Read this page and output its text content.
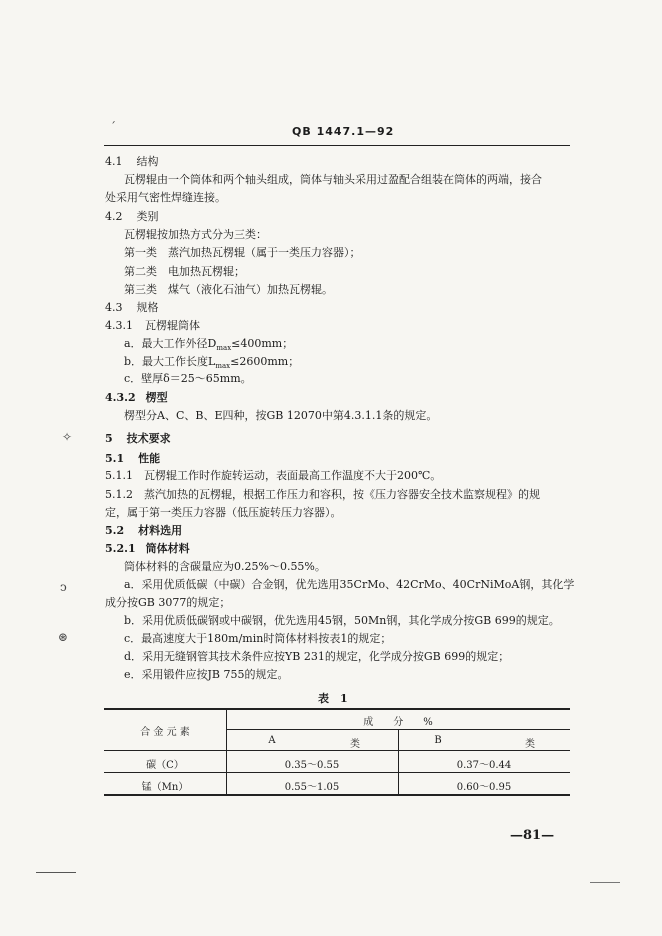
ˊ	QB 1447.1—92
4.1 结构
瓦楞辊由一个筒体和两个轴头组成，筒体与轴头采用过盈配合组装在筒体的两端，接合
处采用气密性焊缝连接。
4.2 类别
瓦楞辊按加热方式分为三类：
第一类　蒸汽加热瓦楞辊（属于一类压力容器）；
第二类　电加热瓦楞辊；
第三类　煤气（液化石油气）加热瓦楞辊。
4.3 规格
4.3.1 瓦楞辊筒体
a．最大工作外径$D_{max}\le 400mm$；
b．最大工作长度$L_{max}\le 2600mm$；
c．壁厚δ＝25～65mm。
4.3.2 楞型
楞型分A、C、B、E四种，按GB 12070中第4.3.1.1条的规定。
✧	5 技术要求
5.1 性能
5.1.1　瓦楞辊工作时作旋转运动，表面最高工作温度不大于200℃。
5.1.2　蒸汽加热的瓦楞辊，根据工作压力和容积，按《压力容器安全技术监察规程》的规
定，属于第一类压力容器（低压旋转压力容器）。
5.2 材料选用
5.2.1 筒体材料
筒体材料的含碳量应为0.25%～0.55%。
ↄ	a．采用优质低碳（中碳）合金钢，优先选用35CrMo、42CrMo、40CrNiMoA钢，其化学
成分按GB 3077的规定；
b．采用优质低碳钢或中碳钢，优先选用45钢，50Mn钢，其化学成分按GB 699的规定。
⊛	c．最高速度大于180m/min时筒体材料按表1的规定；
d．采用无缝钢管其技术条件应按YB 231的规定，化学成分按GB 699的规定；
e．采用锻件应按JB 755的规定。
表　1
合 金 元 素
成　　分　　%
A	类	B	类
碳（C）	0.35～0.55	0.37～0.44
锰（Mn）	0.55～1.05	0.60～0.95
—81—
